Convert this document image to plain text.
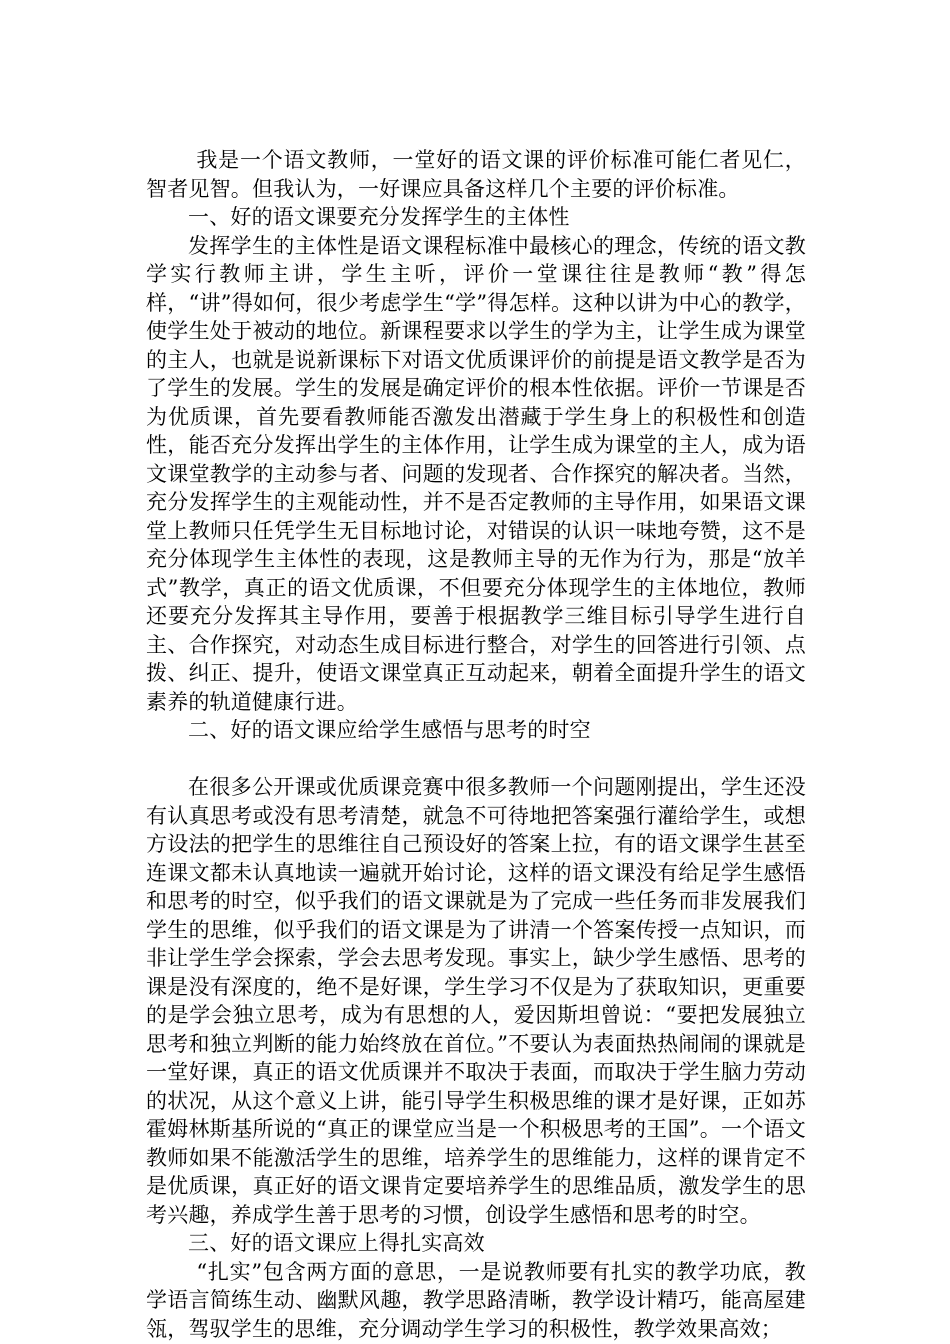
我是一个语文教师，一堂好的语文课的评价标准可能仁者见仁，智者见智。但我认为，一好课应具备这样几个主要的评价标准。

一、好的语文课要充分发挥学生的主体性

发挥学生的主体性是语文课程标准中最核心的理念，传统的语文教学实行教师主讲，学生主听，评价一堂课往往是教师“教”得怎样，“讲”得如何，很少考虑学生“学”得怎样。这种以讲为中心的教学，使学生处于被动的地位。新课程要求以学生的学为主，让学生成为课堂的主人，也就是说新课标下对语文优质课评价的前提是语文教学是否为了学生的发展。学生的发展是确定评价的根本性依据。评价一节课是否为优质课，首先要看教师能否激发出潜藏于学生身上的积极性和创造性，能否充分发挥出学生的主体作用，让学生成为课堂的主人，成为语文课堂教学的主动参与者、问题的发现者、合作探究的解决者。当然，充分发挥学生的主观能动性，并不是否定教师的主导作用，如果语文课堂上教师只任凭学生无目标地讨论，对错误的认识一味地夸赞，这不是充分体现学生主体性的表现，这是教师主导的无作为行为，那是“放羊式”教学，真正的语文优质课，不但要充分体现学生的主体地位，教师还要充分发挥其主导作用，要善于根据教学三维目标引导学生进行自主、合作探究，对动态生成目标进行整合，对学生的回答进行引领、点拨、纠正、提升，使语文课堂真正互动起来，朝着全面提升学生的语文素养的轨道健康行进。

二、好的语文课应给学生感悟与思考的时空

在很多公开课或优质课竞赛中很多教师一个问题刚提出，学生还没有认真思考或没有思考清楚，就急不可待地把答案强行灌给学生，或想方设法的把学生的思维往自己预设好的答案上拉，有的语文课学生甚至连课文都未认真地读一遍就开始讨论，这样的语文课没有给足学生感悟和思考的时空，似乎我们的语文课就是为了完成一些任务而非发展我们学生的思维，似乎我们的语文课是为了讲清一个答案传授一点知识，而非让学生学会探索，学会去思考发现。事实上，缺少学生感悟、思考的课是没有深度的，绝不是好课，学生学习不仅是为了获取知识，更重要的是学会独立思考，成为有思想的人，爱因斯坦曾说：“要把发展独立思考和独立判断的能力始终放在首位。”不要认为表面热热闹闹的课就是一堂好课，真正的语文优质课并不取决于表面，而取决于学生脑力劳动的状况，从这个意义上讲，能引导学生积极思维的课才是好课，正如苏霍姆林斯基所说的“真正的课堂应当是一个积极思考的王国”。一个语文教师如果不能激活学生的思维，培养学生的思维能力，这样的课肯定不是优质课，真正好的语文课肯定要培养学生的思维品质，激发学生的思考兴趣，养成学生善于思考的习惯，创设学生感悟和思考的时空。

三、好的语文课应上得扎实高效

“扎实”包含两方面的意思，一是说教师要有扎实的教学功底，教学语言简练生动、幽默风趣，教学思路清晰，教学设计精巧，能高屋建瓴，驾驭学生的思维，充分调动学生学习的积极性，教学效果高效；
